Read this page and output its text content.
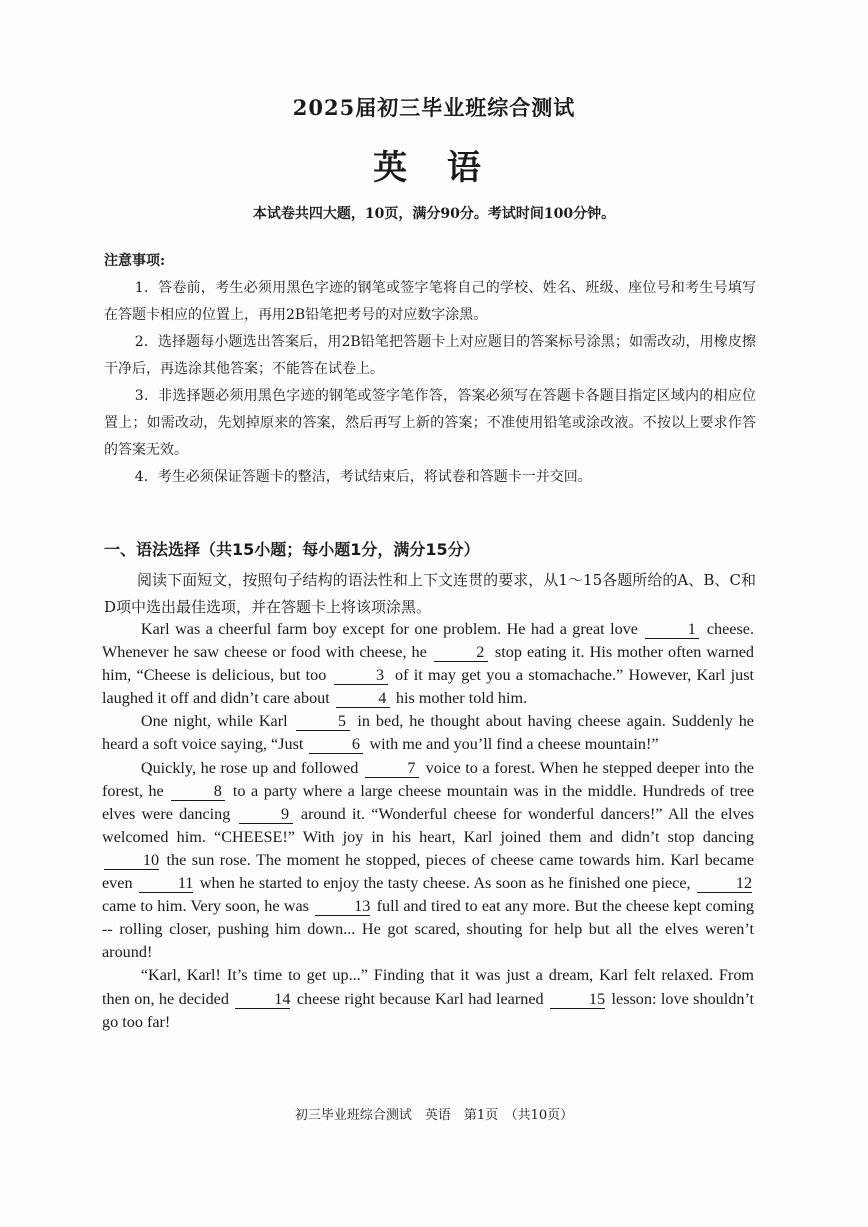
2025届初三毕业班综合测试
英 语
本试卷共四大题，10页，满分90分。考试时间100分钟。
注意事项:

1．答卷前，考生必须用黑色字迹的钢笔或签字笔将自己的学校、姓名、班级、座位号和考生号填写在答题卡相应的位置上，再用2B铅笔把考号的对应数字涂黑。

2．选择题每小题选出答案后，用2B铅笔把答题卡上对应题目的答案标号涂黑；如需改动，用橡皮擦干净后，再选涂其他答案；不能答在试卷上。

3．非选择题必须用黑色字迹的钢笔或签字笔作答，答案必须写在答题卡各题目指定区域内的相应位置上；如需改动，先划掉原来的答案，然后再写上新的答案；不准使用铅笔或涂改液。不按以上要求作答的答案无效。

4．考生必须保证答题卡的整洁，考试结束后，将试卷和答题卡一并交回。

一、语法选择（共15小题；每小题1分，满分15分）
阅读下面短文，按照句子结构的语法性和上下文连贯的要求，从1～15各题所给的A、B、C和D项中选出最佳选项，并在答题卡上将该项涂黑。

Karl was a cheerful farm boy except for one problem. He had a great love	1 cheese. Whenever he saw cheese or food with cheese, he	2 stop eating it. His mother often warned him, “Cheese is delicious, but too	3 of it may get you a stomachache.” However, Karl just laughed it off and didn’t care about	4 his mother told him.

One night, while Karl	5 in bed, he thought about having cheese again. Suddenly he heard a soft voice saying, “Just	6 with me and you’ll find a cheese mountain!”

Quickly, he rose up and followed	7 voice to a forest. When he stepped deeper into the forest, he	8 to a party where a large cheese mountain was in the middle. Hundreds of tree elves were dancing	9 around it. “Wonderful cheese for wonderful dancers!” All the elves welcomed him. “CHEESE!” With joy in his heart, Karl joined them and didn’t stop dancing 10 the sun rose. The moment he stopped, pieces of cheese came towards him. Karl became even	11 when he started to enjoy the tasty cheese. As soon as he finished one piece,	12 came to him. Very soon, he was	13 full and tired to eat any more. But the cheese kept coming -- rolling closer, pushing him down... He got scared, shouting for help but all the elves weren’t around!

“Karl, Karl! It’s time to get up...” Finding that it was just a dream, Karl felt relaxed. From then on, he decided	14 cheese right because Karl had learned	15 lesson: love shouldn’t go too far!

初三毕业班综合测试　英语　第1页　（共10页）
